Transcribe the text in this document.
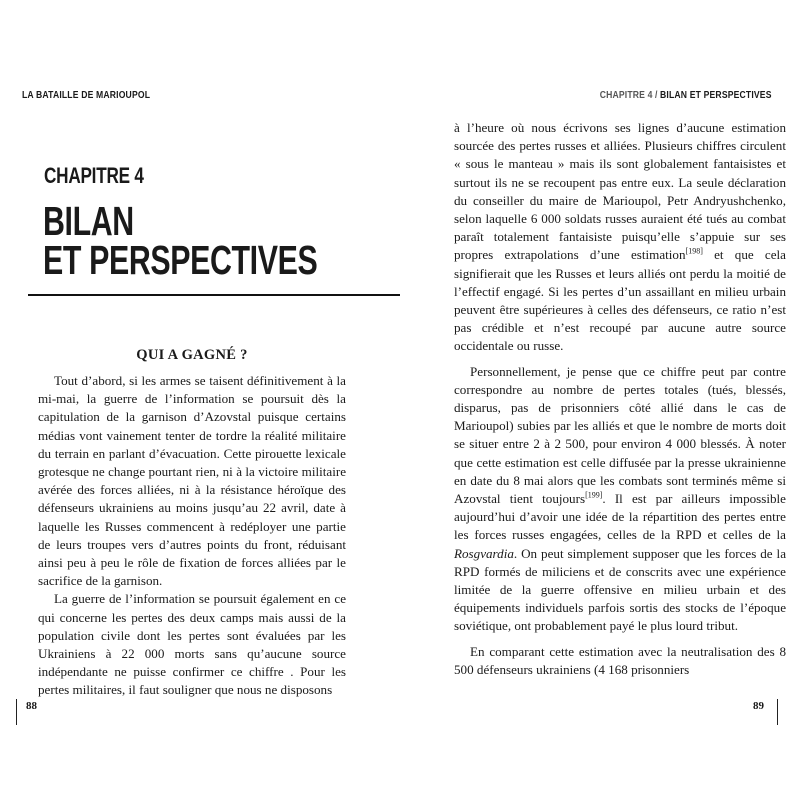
LA BATAILLE DE MARIOUPOL
CHAPITRE 4
BILAN
ET PERSPECTIVES
QUI A GAGNÉ ?

Tout d’abord, si les armes se taisent définitivement à la mi-mai, la guerre de l’information se poursuit dès la capitulation de la garnison d’Azovstal puisque certains médias vont vainement tenter de tordre la réalité militaire du terrain en parlant d’évacuation. Cette pirouette lexicale grotesque ne change pourtant rien, ni à la victoire militaire avérée des forces alliées, ni à la résistance héroïque des défenseurs ukrainiens au moins jusqu’au 22 avril, date à laquelle les Russes commencent à redéployer une partie de leurs troupes vers d’autres points du front, réduisant ainsi peu à peu le rôle de fixation de forces alliées par le sacrifice de la garnison.

La guerre de l’information se poursuit également en ce qui concerne les pertes des deux camps mais aussi de la population civile dont les pertes sont évaluées par les Ukrainiens à 22 000 morts sans qu’aucune source indépendante ne puisse confirmer ce chiffre . Pour les pertes militaires, il faut souligner que nous ne disposons

88
CHAPITRE 4 / BILAN ET PERSPECTIVES

à l’heure où nous écrivons ses lignes d’aucune estimation sourcée des pertes russes et alliées. Plusieurs chiffres circulent « sous le manteau » mais ils sont globalement fantaisistes et surtout ils ne se recoupent pas entre eux. La seule déclaration du conseiller du maire de Marioupol, Petr Andryushchenko, selon laquelle 6 000 soldats russes auraient été tués au combat paraît totalement fantaisiste puisqu’elle s’appuie sur ses propres extrapolations d’une estimation[198] et que cela signifierait que les Russes et leurs alliés ont perdu la moitié de l’effectif engagé. Si les pertes d’un assaillant en milieu urbain peuvent être supérieures à celles des défenseurs, ce ratio n’est pas crédible et n’est recoupé par aucune autre source occidentale ou russe.

Personnellement, je pense que ce chiffre peut par contre correspondre au nombre de pertes totales (tués, blessés, disparus, pas de prisonniers côté allié dans le cas de Marioupol) subies par les alliés et que le nombre de morts doit se situer entre 2 à 2 500, pour environ 4 000 blessés. À noter que cette estimation est celle diffusée par la presse ukrainienne en date du 8 mai alors que les combats sont terminés même si Azovstal tient toujours[199]. Il est par ailleurs impossible aujourd’hui d’avoir une idée de la répartition des pertes entre les forces russes engagées, celles de la RPD et celles de la Rosgvardia. On peut simplement supposer que les forces de la RPD formés de miliciens et de conscrits avec une expérience limitée de la guerre offensive en milieu urbain et des équipements individuels parfois sortis des stocks de l’époque soviétique, ont probablement payé le plus lourd tribut.

En comparant cette estimation avec la neutralisation des 8 500 défenseurs ukrainiens (4 168 prisonniers

89
